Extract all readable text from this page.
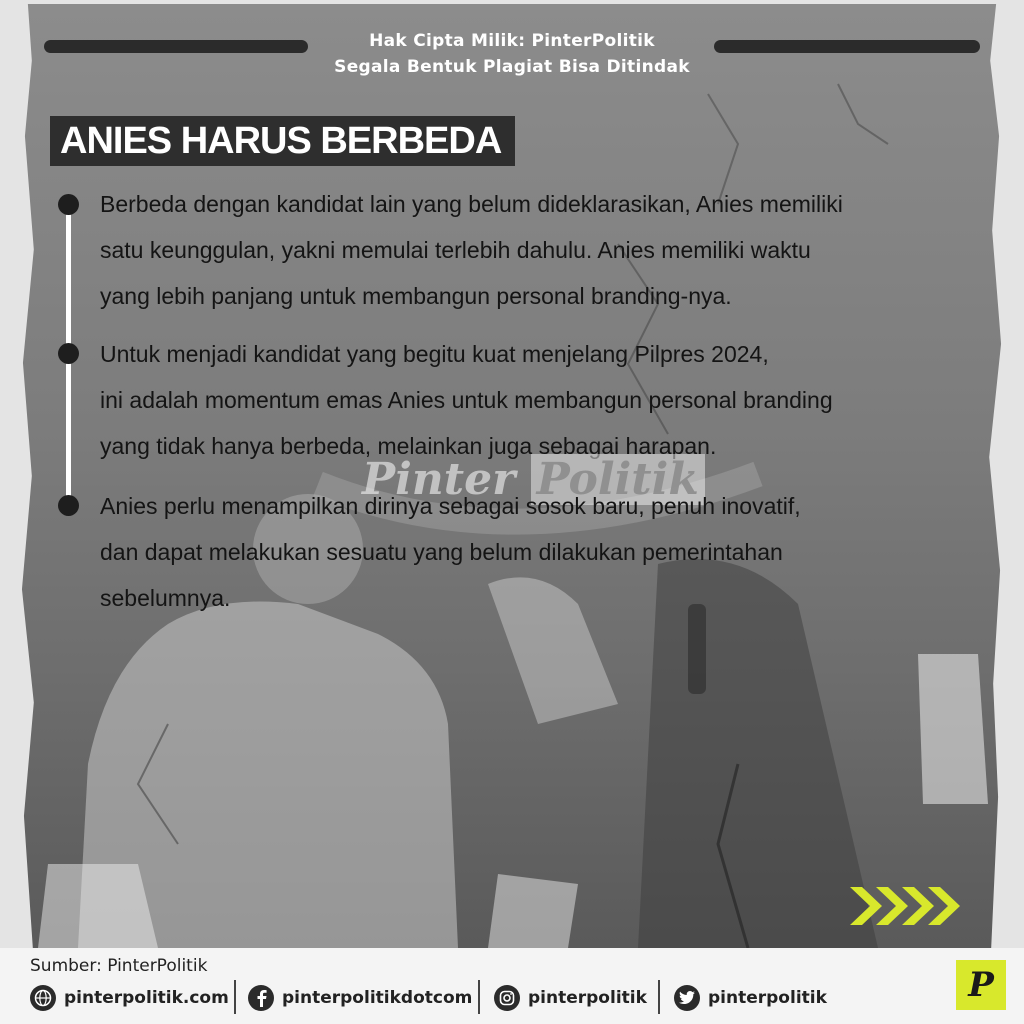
Hak Cipta Milik: PinterPolitik
Segala Bentuk Plagiat Bisa Ditindak
ANIES HARUS BERBEDA

Berbeda dengan kandidat lain yang belum dideklarasikan, Anies memiliki
satu keunggulan, yakni memulai terlebih dahulu. Anies memiliki waktu
yang lebih panjang untuk membangun personal branding-nya.

Untuk menjadi kandidat yang begitu kuat menjelang Pilpres 2024,
ini adalah momentum emas Anies untuk membangun personal branding
yang tidak hanya berbeda, melainkan juga sebagai harapan.

Pinter Politik

Anies perlu menampilkan dirinya sebagai sosok baru, penuh inovatif,
dan dapat melakukan sesuatu yang belum dilakukan pemerintahan
sebelumnya.

Sumber: PinterPolitik
pinterpolitik.com	pinterpolitikdotcom	pinterpolitik	pinterpolitik	P
